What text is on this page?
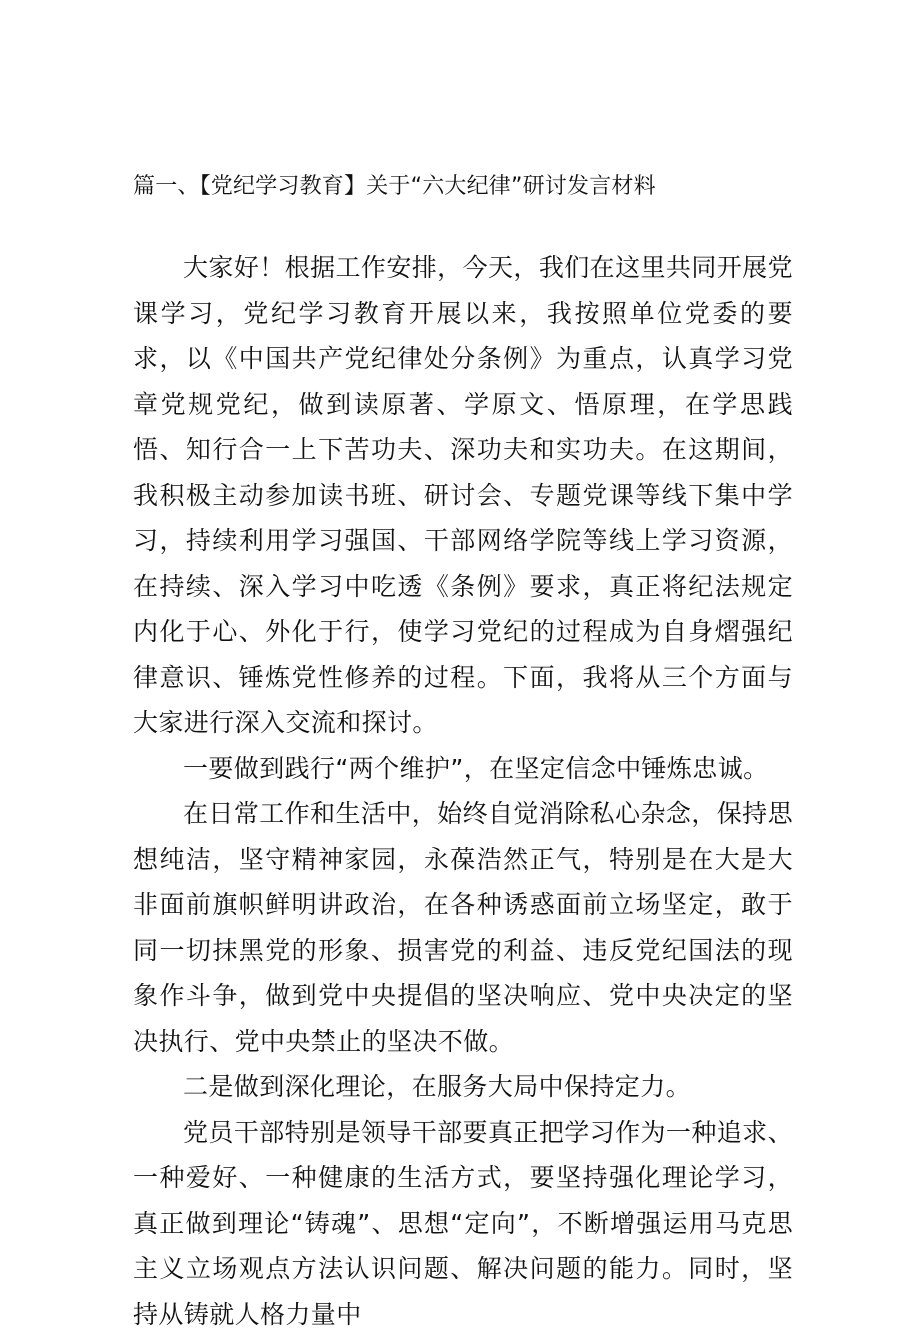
篇一、【党纪学习教育】关于“六大纪律”研讨发言材料

大家好！根据工作安排，今天，我们在这里共同开展党课学习，党纪学习教育开展以来，我按照单位党委的要求，以《中国共产党纪律处分条例》为重点，认真学习党章党规党纪，做到读原著、学原文、悟原理，在学思践悟、知行合一上下苦功夫、深功夫和实功夫。在这期间，我积极主动参加读书班、研讨会、专题党课等线下集中学习，持续利用学习强国、干部网络学院等线上学习资源，在持续、深入学习中吃透《条例》要求，真正将纪法规定内化于心、外化于行，使学习党纪的过程成为自身熠强纪律意识、锤炼党性修养的过程。下面，我将从三个方面与大家进行深入交流和探讨。

一要做到践行“两个维护”，在坚定信念中锤炼忠诚。

在日常工作和生活中，始终自觉消除私心杂念，保持思想纯洁，坚守精神家园，永葆浩然正气，特别是在大是大非面前旗帜鲜明讲政治，在各种诱惑面前立场坚定，敢于同一切抹黑党的形象、损害党的利益、违反党纪国法的现象作斗争，做到党中央提倡的坚决响应、党中央决定的坚决执行、党中央禁止的坚决不做。

二是做到深化理论，在服务大局中保持定力。

党员干部特别是领导干部要真正把学习作为一种追求、一种爱好、一种健康的生活方式，要坚持强化理论学习，真正做到理论“铸魂”、思想“定向”，不断增强运用马克思主义立场观点方法认识问题、解决问题的能力。同时，坚持从铸就人格力量中
